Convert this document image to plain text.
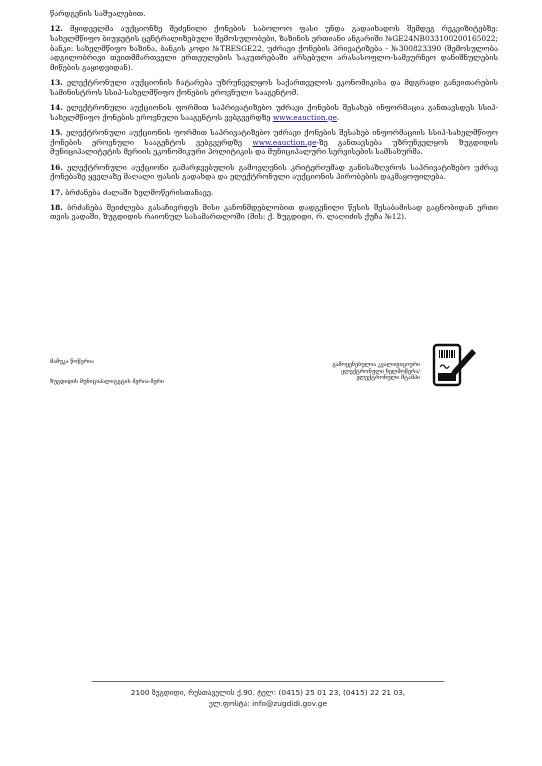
წარდგენის საშუალებით.

12. მყიდველმა აუქციონზე შეძენილი ქონების საბოლოო ფასი უნდა გადაიხადოს შემდეგ რეკვიზიტებზე: სახელმწიფო ბიუჯეტის ცენტრალიზებული შემოსულობები, ზაზინის ერთიანი ანგარიში №GE24NB0331002001650​22; ბანკი: სახელმწიფო ხაზინა, ბანკის კოდი №TRESGE22, უძრავი ქონების პრივატიზება - №300823390 (შემოსულობა ადგილობრივი თვითმმართველი ერთეულების საკუთრებაში არსებული არასასოფლო-სამეურნეო დანიშნულების მიწების გაყიდვიდან).

13. ელექტრონული აუქციონის ჩატარება უზრუნველყოს საქართველოს ეკონომიკისა და მდგრადი განვითარების სამინისტროს სსიპ-სახელმწიფო ქონების ეროვნული სააგენტომ.

14. ელექტრონული აუქციონის ფორმით საპრივატიზებო უძრავი ქონების შესახებ ინფორმაცია განთავსდეს სსიპ-სახელმწიფო ქონების ეროვნული სააგენტოს ვებგვერდზე www.eauction.ge.

15. ელექტრონული აუქციონის ფორმით საპრივატიზებო უძრავი ქონების შესახებ ინფორმაციის სსიპ-სახელმწიფო ქონების ეროვნული სააგენტოს ვებგვერდზე www.eauction.ge-ზე განთავსება უზრუნველყოს ზუგდიდის მუნიციპალიტეტის მერიის ეკონომიკური პოლიტიკის და მუნიციპალური სერვისების სამსახურმა.

16. ელექტრონული აუქციონი გამარჯვებულის გამოვლენის კრიტერიუმად განისაზღვროს საპრივატიზებო უძრავ ქონებაზე ყველაზე მაღალი ფასის გადახდა და ელექტრონული აუქციონის პირობების დაკმაყოფილება.

17. ბრძანება ძალაში ხელმოწერისთანავე.

18. ბრძანება შეიძლება გასაჩივრდეს მისი კანონმდებლობით დადგენილი წესის შესაბამისად გაცნობიდან ერთი თვის ვადაში, ზუგდიდის რაიონულ სასამართლოში (მის: ქ. ზუგდიდი, რ. ლაღიძის ქუჩა №12).

მამუკა წოწერია
ზუგდიდის მუნიციპალიტეტის მერია-მერი
გამოყენებულია კვალიფიციური
ელექტრონული ხელმოწერა/
ელექტრონული შტამპი
2100 ზუგდიდი, რუსთაველის ქ.90. ტელ: (0415) 25 01 23, (0415) 22 21 03,
ელ.ფოსტა: info@zugdidi.gov.ge
